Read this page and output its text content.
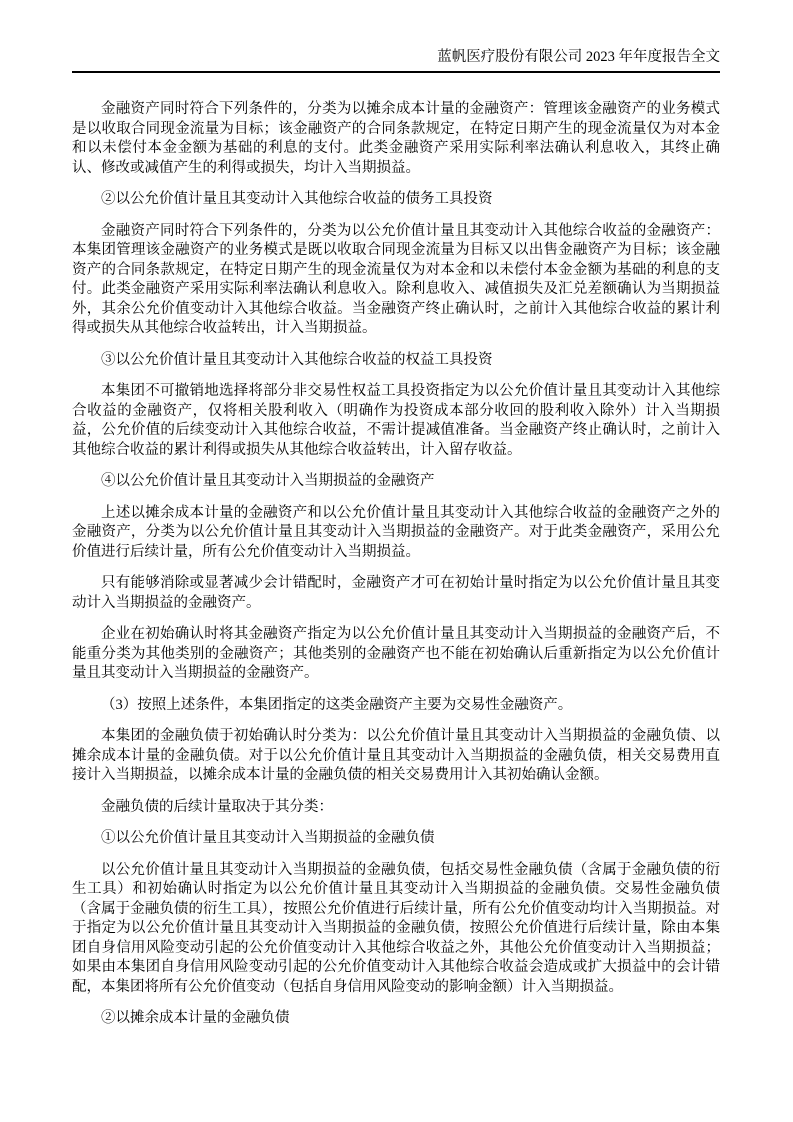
蓝帆医疗股份有限公司 2023 年年度报告全文

金融资产同时符合下列条件的，分类为以摊余成本计量的金融资产：管理该金融资产的业务模式是以收取合同现金流量为目标；该金融资产的合同条款规定，在特定日期产生的现金流量仅为对本金和以未偿付本金金额为基础的利息的支付。此类金融资产采用实际利率法确认利息收入，其终止确认、修改或减值产生的利得或损失，均计入当期损益。

②以公允价值计量且其变动计入其他综合收益的债务工具投资

金融资产同时符合下列条件的，分类为以公允价值计量且其变动计入其他综合收益的金融资产：本集团管理该金融资产的业务模式是既以收取合同现金流量为目标又以出售金融资产为目标；该金融资产的合同条款规定，在特定日期产生的现金流量仅为对本金和以未偿付本金金额为基础的利息的支付。此类金融资产采用实际利率法确认利息收入。除利息收入、减值损失及汇兑差额确认为当期损益外，其余公允价值变动计入其他综合收益。当金融资产终止确认时，之前计入其他综合收益的累计利得或损失从其他综合收益转出，计入当期损益。

③以公允价值计量且其变动计入其他综合收益的权益工具投资

本集团不可撤销地选择将部分非交易性权益工具投资指定为以公允价值计量且其变动计入其他综合收益的金融资产，仅将相关股利收入（明确作为投资成本部分收回的股利收入除外）计入当期损益，公允价值的后续变动计入其他综合收益，不需计提减值准备。当金融资产终止确认时，之前计入其他综合收益的累计利得或损失从其他综合收益转出，计入留存收益。

④以公允价值计量且其变动计入当期损益的金融资产

上述以摊余成本计量的金融资产和以公允价值计量且其变动计入其他综合收益的金融资产之外的金融资产，分类为以公允价值计量且其变动计入当期损益的金融资产。对于此类金融资产，采用公允价值进行后续计量，所有公允价值变动计入当期损益。

只有能够消除或显著减少会计错配时，金融资产才可在初始计量时指定为以公允价值计量且其变动计入当期损益的金融资产。

企业在初始确认时将其金融资产指定为以公允价值计量且其变动计入当期损益的金融资产后，不能重分类为其他类别的金融资产；其他类别的金融资产也不能在初始确认后重新指定为以公允价值计量且其变动计入当期损益的金融资产。

（3）按照上述条件，本集团指定的这类金融资产主要为交易性金融资产。

本集团的金融负债于初始确认时分类为：以公允价值计量且其变动计入当期损益的金融负债、以摊余成本计量的金融负债。对于以公允价值计量且其变动计入当期损益的金融负债，相关交易费用直接计入当期损益，以摊余成本计量的金融负债的相关交易费用计入其初始确认金额。

金融负债的后续计量取决于其分类：

①以公允价值计量且其变动计入当期损益的金融负债

以公允价值计量且其变动计入当期损益的金融负债，包括交易性金融负债（含属于金融负债的衍生工具）和初始确认时指定为以公允价值计量且其变动计入当期损益的金融负债。交易性金融负债（含属于金融负债的衍生工具），按照公允价值进行后续计量，所有公允价值变动均计入当期损益。对于指定为以公允价值计量且其变动计入当期损益的金融负债，按照公允价值进行后续计量，除由本集团自身信用风险变动引起的公允价值变动计入其他综合收益之外，其他公允价值变动计入当期损益；如果由本集团自身信用风险变动引起的公允价值变动计入其他综合收益会造成或扩大损益中的会计错配，本集团将所有公允价值变动（包括自身信用风险变动的影响金额）计入当期损益。

②以摊余成本计量的金融负债
